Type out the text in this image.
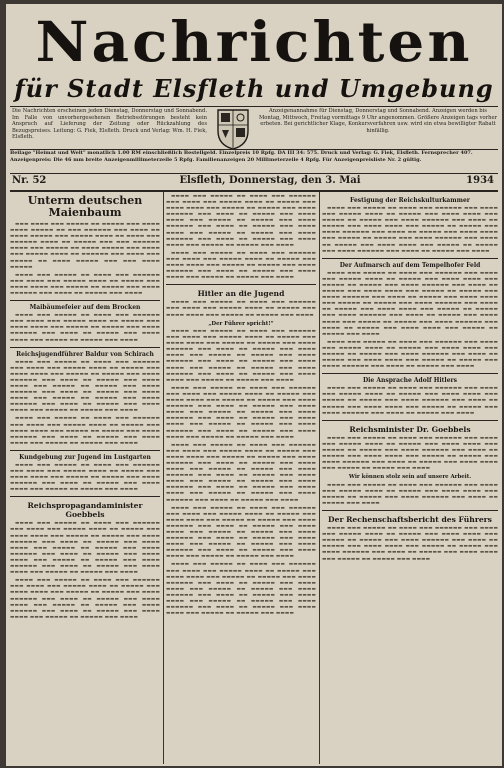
Nachrichten
für Stadt Elsfleth und Umgebung
Die Nachrichten erscheinen jeden Dienstag, Donnerstag und Sonnabend. Im Falle von unvorhergesehenen Betriebsstörungen besteht kein Anspruch auf Lieferung der Zeitung oder Rückzahlung des Bezugspreises. Leitung: G. Fiek, Elsfleth. Druck und Verlag: Wm. H. Fiek, Elsfleth.
Anzeigenannahme für Dienstag, Donnerstag und Sonnabend. Anzeigen werden bis Montag, Mittwoch, Freitag vormittags 9 Uhr angenommen. Größere Anzeigen tags vorher erbeten. Bei gerichtlicher Klage, Konkursverfahren usw. wird ein etwa bewilligter Rabatt hinfällig.
Beilage "Heimat und Welt" monatlich 1.00 RM einschließlich Bestellgeld. Einzelpreis 10 Rpfg. DA III 34: 575. Druck und Verlag: G. Fiek, Elsfleth. Fernsprecher 407. Anzeigenpreis: Die 46 mm breite Anzeigenmillimeterzeile 5 Rpfg. Familienanzeigen 20 Millimeterzeile 4 Rpfg. Für Anzeigenpreisliste Nr. 2 gültig.
Nr. 52	Elsfleth, Donnerstag, den 3. Mai	1934
Unterm deutschen Maienbaum
▬▬▬ ▬▬▬▬ ▬▬▬ ▬▬▬▬▬ ▬▬ ▬▬▬▬▬ ▬▬▬ ▬▬▬▬ ▬▬▬▬ ▬▬▬▬▬ ▬▬ ▬▬▬ ▬▬▬▬▬▬ ▬▬▬ ▬▬▬▬ ▬▬ ▬▬▬▬ ▬▬▬▬▬ ▬▬▬ ▬▬▬▬▬ ▬▬▬▬ ▬▬ ▬▬▬▬ ▬▬▬ ▬▬▬▬▬▬ ▬▬▬▬ ▬▬ ▬▬▬▬▬ ▬▬▬ ▬▬▬ ▬▬▬▬▬▬ ▬▬▬▬ ▬▬▬ ▬▬▬▬▬ ▬▬ ▬▬▬▬ ▬▬▬▬▬ ▬▬▬ ▬▬▬▬ ▬▬▬ ▬▬▬▬▬ ▬▬▬▬ ▬▬ ▬▬▬▬▬▬ ▬▬▬ ▬▬▬▬ ▬▬▬ ▬▬▬▬▬ ▬▬ ▬▬▬▬ ▬▬▬▬▬ ▬▬▬ ▬▬▬ ▬▬▬▬ ▬▬▬▬▬
▬▬▬▬ ▬▬▬ ▬▬▬▬▬ ▬▬ ▬▬▬▬ ▬▬▬ ▬▬▬▬▬▬ ▬▬▬ ▬▬▬▬ ▬▬▬ ▬▬▬▬▬ ▬▬▬▬ ▬▬ ▬▬▬▬▬ ▬▬▬ ▬▬▬▬ ▬▬▬▬ ▬▬▬ ▬▬▬▬▬ ▬▬ ▬▬▬▬▬ ▬▬▬ ▬▬▬▬ ▬▬▬▬▬▬ ▬▬▬ ▬▬▬▬ ▬▬ ▬▬▬▬▬ ▬▬▬ ▬▬▬▬
Maibäumefeier auf dem Brocken
▬▬▬▬ ▬▬▬ ▬▬▬▬▬ ▬▬ ▬▬▬▬ ▬▬▬ ▬▬▬▬▬▬ ▬▬▬ ▬▬▬▬ ▬▬▬ ▬▬▬▬▬ ▬▬▬▬ ▬▬ ▬▬▬▬▬ ▬▬▬ ▬▬▬▬ ▬▬▬▬ ▬▬▬ ▬▬▬▬▬ ▬▬ ▬▬▬▬▬ ▬▬▬ ▬▬▬▬ ▬▬▬▬▬▬ ▬▬▬ ▬▬▬▬ ▬▬ ▬▬▬▬▬ ▬▬▬ ▬▬▬▬ ▬▬▬▬ ▬▬▬ ▬▬▬▬▬ ▬▬ ▬▬▬▬▬ ▬▬▬ ▬▬▬▬
Reichsjugendführer Baldur von Schirach
▬▬▬▬ ▬▬▬ ▬▬▬▬▬ ▬▬ ▬▬▬▬ ▬▬▬ ▬▬▬▬▬▬ ▬▬▬ ▬▬▬▬ ▬▬▬ ▬▬▬▬▬ ▬▬▬▬ ▬▬ ▬▬▬▬▬ ▬▬▬ ▬▬▬▬ ▬▬▬▬ ▬▬▬ ▬▬▬▬▬ ▬▬ ▬▬▬▬▬ ▬▬▬ ▬▬▬▬ ▬▬▬▬▬▬ ▬▬▬ ▬▬▬▬ ▬▬ ▬▬▬▬▬ ▬▬▬ ▬▬▬▬ ▬▬▬▬ ▬▬▬ ▬▬▬▬▬ ▬▬ ▬▬▬▬▬ ▬▬▬ ▬▬▬▬ ▬▬▬▬▬▬ ▬▬▬ ▬▬▬▬ ▬▬ ▬▬▬▬▬ ▬▬▬ ▬▬▬▬ ▬▬▬▬ ▬▬▬ ▬▬▬▬▬ ▬▬ ▬▬▬▬▬ ▬▬▬ ▬▬▬▬ ▬▬▬▬▬▬ ▬▬▬ ▬▬▬▬ ▬▬ ▬▬▬▬▬ ▬▬▬ ▬▬▬▬ ▬▬▬▬ ▬▬▬ ▬▬▬▬▬ ▬▬ ▬▬▬▬▬ ▬▬▬ ▬▬▬▬
▬▬▬▬ ▬▬▬ ▬▬▬▬▬ ▬▬ ▬▬▬▬ ▬▬▬ ▬▬▬▬▬▬ ▬▬▬ ▬▬▬▬ ▬▬▬ ▬▬▬▬▬ ▬▬▬▬ ▬▬ ▬▬▬▬▬ ▬▬▬ ▬▬▬▬ ▬▬▬▬ ▬▬▬ ▬▬▬▬▬ ▬▬ ▬▬▬▬▬ ▬▬▬ ▬▬▬▬ ▬▬▬▬▬▬ ▬▬▬ ▬▬▬▬ ▬▬ ▬▬▬▬▬ ▬▬▬ ▬▬▬▬ ▬▬▬▬ ▬▬▬ ▬▬▬▬▬ ▬▬ ▬▬▬▬▬ ▬▬▬ ▬▬▬▬
Kundgebung zur Jugend im Lustgarten
▬▬▬▬ ▬▬▬ ▬▬▬▬▬ ▬▬ ▬▬▬▬ ▬▬▬ ▬▬▬▬▬▬ ▬▬▬ ▬▬▬▬ ▬▬▬ ▬▬▬▬▬ ▬▬▬▬ ▬▬ ▬▬▬▬▬ ▬▬▬ ▬▬▬▬ ▬▬▬▬ ▬▬▬ ▬▬▬▬▬ ▬▬ ▬▬▬▬▬ ▬▬▬ ▬▬▬▬ ▬▬▬▬▬▬ ▬▬▬ ▬▬▬▬ ▬▬ ▬▬▬▬▬ ▬▬▬ ▬▬▬▬ ▬▬▬▬ ▬▬▬ ▬▬▬▬▬ ▬▬ ▬▬▬▬▬ ▬▬▬ ▬▬▬▬
Reichspropagandaminister Goebbels
▬▬▬▬ ▬▬▬ ▬▬▬▬▬ ▬▬ ▬▬▬▬ ▬▬▬ ▬▬▬▬▬▬ ▬▬▬ ▬▬▬▬ ▬▬▬ ▬▬▬▬▬ ▬▬▬▬ ▬▬ ▬▬▬▬▬ ▬▬▬ ▬▬▬▬ ▬▬▬▬ ▬▬▬ ▬▬▬▬▬ ▬▬ ▬▬▬▬▬ ▬▬▬ ▬▬▬▬ ▬▬▬▬▬▬ ▬▬▬ ▬▬▬▬ ▬▬ ▬▬▬▬▬ ▬▬▬ ▬▬▬▬ ▬▬▬▬ ▬▬▬ ▬▬▬▬▬ ▬▬ ▬▬▬▬▬ ▬▬▬ ▬▬▬▬ ▬▬▬▬▬▬ ▬▬▬ ▬▬▬▬ ▬▬ ▬▬▬▬▬ ▬▬▬ ▬▬▬▬ ▬▬▬▬ ▬▬▬ ▬▬▬▬▬ ▬▬ ▬▬▬▬▬ ▬▬▬ ▬▬▬▬ ▬▬▬▬▬▬ ▬▬▬ ▬▬▬▬ ▬▬ ▬▬▬▬▬ ▬▬▬ ▬▬▬▬ ▬▬▬▬ ▬▬▬ ▬▬▬▬▬ ▬▬ ▬▬▬▬▬ ▬▬▬ ▬▬▬▬
▬▬▬▬ ▬▬▬ ▬▬▬▬▬ ▬▬ ▬▬▬▬ ▬▬▬ ▬▬▬▬▬▬ ▬▬▬ ▬▬▬▬ ▬▬▬ ▬▬▬▬▬ ▬▬▬▬ ▬▬ ▬▬▬▬▬ ▬▬▬ ▬▬▬▬ ▬▬▬▬ ▬▬▬ ▬▬▬▬▬ ▬▬ ▬▬▬▬▬ ▬▬▬ ▬▬▬▬ ▬▬▬▬▬▬ ▬▬▬ ▬▬▬▬ ▬▬ ▬▬▬▬▬ ▬▬▬ ▬▬▬▬ ▬▬▬▬ ▬▬▬ ▬▬▬▬▬ ▬▬ ▬▬▬▬▬ ▬▬▬ ▬▬▬▬ ▬▬▬▬▬▬ ▬▬▬ ▬▬▬▬ ▬▬ ▬▬▬▬▬ ▬▬▬ ▬▬▬▬ ▬▬▬▬ ▬▬▬ ▬▬▬▬▬ ▬▬ ▬▬▬▬▬ ▬▬▬ ▬▬▬▬
▬▬▬▬ ▬▬▬ ▬▬▬▬▬ ▬▬ ▬▬▬▬ ▬▬▬ ▬▬▬▬▬▬ ▬▬▬ ▬▬▬▬ ▬▬▬ ▬▬▬▬▬ ▬▬▬▬ ▬▬ ▬▬▬▬▬ ▬▬▬ ▬▬▬▬ ▬▬▬▬ ▬▬▬ ▬▬▬▬▬ ▬▬ ▬▬▬▬▬ ▬▬▬ ▬▬▬▬ ▬▬▬▬▬▬ ▬▬▬ ▬▬▬▬ ▬▬ ▬▬▬▬▬ ▬▬▬ ▬▬▬▬ ▬▬▬▬ ▬▬▬ ▬▬▬▬▬ ▬▬ ▬▬▬▬▬ ▬▬▬ ▬▬▬▬ ▬▬▬▬▬▬ ▬▬▬ ▬▬▬▬ ▬▬ ▬▬▬▬▬ ▬▬▬ ▬▬▬▬ ▬▬▬▬ ▬▬▬ ▬▬▬▬▬ ▬▬ ▬▬▬▬▬ ▬▬▬ ▬▬▬▬ ▬▬▬▬▬▬ ▬▬▬ ▬▬▬▬ ▬▬ ▬▬▬▬▬ ▬▬▬ ▬▬▬▬ ▬▬▬▬ ▬▬▬ ▬▬▬▬▬ ▬▬ ▬▬▬▬▬ ▬▬▬ ▬▬▬▬
▬▬▬▬ ▬▬▬ ▬▬▬▬▬ ▬▬ ▬▬▬▬ ▬▬▬ ▬▬▬▬▬▬ ▬▬▬ ▬▬▬▬ ▬▬▬ ▬▬▬▬▬ ▬▬▬▬ ▬▬ ▬▬▬▬▬ ▬▬▬ ▬▬▬▬ ▬▬▬▬ ▬▬▬ ▬▬▬▬▬ ▬▬ ▬▬▬▬▬ ▬▬▬ ▬▬▬▬ ▬▬▬▬▬▬ ▬▬▬ ▬▬▬▬ ▬▬ ▬▬▬▬▬ ▬▬▬ ▬▬▬▬ ▬▬▬▬ ▬▬▬ ▬▬▬▬▬ ▬▬ ▬▬▬▬▬ ▬▬▬ ▬▬▬▬
Hitler an die Jugend
▬▬▬▬ ▬▬▬ ▬▬▬▬▬ ▬▬ ▬▬▬▬ ▬▬▬ ▬▬▬▬▬▬ ▬▬▬ ▬▬▬▬ ▬▬▬ ▬▬▬▬▬ ▬▬▬▬ ▬▬ ▬▬▬▬▬ ▬▬▬ ▬▬▬▬ ▬▬▬▬ ▬▬▬ ▬▬▬▬▬ ▬▬ ▬▬▬▬▬ ▬▬▬ ▬▬▬▬
„Der Führer spricht!“
▬▬▬▬ ▬▬▬ ▬▬▬▬▬ ▬▬ ▬▬▬▬ ▬▬▬ ▬▬▬▬▬▬ ▬▬▬ ▬▬▬▬ ▬▬▬ ▬▬▬▬▬ ▬▬▬▬ ▬▬ ▬▬▬▬▬ ▬▬▬ ▬▬▬▬ ▬▬▬▬ ▬▬▬ ▬▬▬▬▬ ▬▬ ▬▬▬▬▬ ▬▬▬ ▬▬▬▬ ▬▬▬▬▬▬ ▬▬▬ ▬▬▬▬ ▬▬ ▬▬▬▬▬ ▬▬▬ ▬▬▬▬ ▬▬▬▬ ▬▬▬ ▬▬▬▬▬ ▬▬ ▬▬▬▬▬ ▬▬▬ ▬▬▬▬ ▬▬▬▬▬▬ ▬▬▬ ▬▬▬▬ ▬▬ ▬▬▬▬▬ ▬▬▬ ▬▬▬▬ ▬▬▬▬ ▬▬▬ ▬▬▬▬▬ ▬▬ ▬▬▬▬▬ ▬▬▬ ▬▬▬▬ ▬▬▬▬▬▬ ▬▬▬ ▬▬▬▬ ▬▬ ▬▬▬▬▬ ▬▬▬ ▬▬▬▬ ▬▬▬▬ ▬▬▬ ▬▬▬▬▬ ▬▬ ▬▬▬▬▬ ▬▬▬ ▬▬▬▬
▬▬▬▬ ▬▬▬ ▬▬▬▬▬ ▬▬ ▬▬▬▬ ▬▬▬ ▬▬▬▬▬▬ ▬▬▬ ▬▬▬▬ ▬▬▬ ▬▬▬▬▬ ▬▬▬▬ ▬▬ ▬▬▬▬▬ ▬▬▬ ▬▬▬▬ ▬▬▬▬ ▬▬▬ ▬▬▬▬▬ ▬▬ ▬▬▬▬▬ ▬▬▬ ▬▬▬▬ ▬▬▬▬▬▬ ▬▬▬ ▬▬▬▬ ▬▬ ▬▬▬▬▬ ▬▬▬ ▬▬▬▬ ▬▬▬▬ ▬▬▬ ▬▬▬▬▬ ▬▬ ▬▬▬▬▬ ▬▬▬ ▬▬▬▬ ▬▬▬▬▬▬ ▬▬▬ ▬▬▬▬ ▬▬ ▬▬▬▬▬ ▬▬▬ ▬▬▬▬ ▬▬▬▬ ▬▬▬ ▬▬▬▬▬ ▬▬ ▬▬▬▬▬ ▬▬▬ ▬▬▬▬ ▬▬▬▬▬▬ ▬▬▬ ▬▬▬▬ ▬▬ ▬▬▬▬▬ ▬▬▬ ▬▬▬▬ ▬▬▬▬ ▬▬▬ ▬▬▬▬▬ ▬▬ ▬▬▬▬▬ ▬▬▬ ▬▬▬▬
▬▬▬▬ ▬▬▬ ▬▬▬▬▬ ▬▬ ▬▬▬▬ ▬▬▬ ▬▬▬▬▬▬ ▬▬▬ ▬▬▬▬ ▬▬▬ ▬▬▬▬▬ ▬▬▬▬ ▬▬ ▬▬▬▬▬ ▬▬▬ ▬▬▬▬ ▬▬▬▬ ▬▬▬ ▬▬▬▬▬ ▬▬ ▬▬▬▬▬ ▬▬▬ ▬▬▬▬ ▬▬▬▬▬▬ ▬▬▬ ▬▬▬▬ ▬▬ ▬▬▬▬▬ ▬▬▬ ▬▬▬▬ ▬▬▬▬ ▬▬▬ ▬▬▬▬▬ ▬▬ ▬▬▬▬▬ ▬▬▬ ▬▬▬▬ ▬▬▬▬▬▬ ▬▬▬ ▬▬▬▬ ▬▬ ▬▬▬▬▬ ▬▬▬ ▬▬▬▬ ▬▬▬▬ ▬▬▬ ▬▬▬▬▬ ▬▬ ▬▬▬▬▬ ▬▬▬ ▬▬▬▬ ▬▬▬▬▬▬ ▬▬▬ ▬▬▬▬ ▬▬ ▬▬▬▬▬ ▬▬▬ ▬▬▬▬ ▬▬▬▬ ▬▬▬ ▬▬▬▬▬ ▬▬ ▬▬▬▬▬ ▬▬▬ ▬▬▬▬ ▬▬▬▬▬▬ ▬▬▬ ▬▬▬▬ ▬▬ ▬▬▬▬▬ ▬▬▬ ▬▬▬▬
▬▬▬▬ ▬▬▬ ▬▬▬▬▬ ▬▬ ▬▬▬▬ ▬▬▬ ▬▬▬▬▬▬ ▬▬▬ ▬▬▬▬ ▬▬▬ ▬▬▬▬▬ ▬▬▬▬ ▬▬ ▬▬▬▬▬ ▬▬▬ ▬▬▬▬ ▬▬▬▬ ▬▬▬ ▬▬▬▬▬ ▬▬ ▬▬▬▬▬ ▬▬▬ ▬▬▬▬ ▬▬▬▬▬▬ ▬▬▬ ▬▬▬▬ ▬▬ ▬▬▬▬▬ ▬▬▬ ▬▬▬▬ ▬▬▬▬ ▬▬▬ ▬▬▬▬▬ ▬▬ ▬▬▬▬▬ ▬▬▬ ▬▬▬▬ ▬▬▬▬▬▬ ▬▬▬ ▬▬▬▬ ▬▬ ▬▬▬▬▬ ▬▬▬ ▬▬▬▬ ▬▬▬▬ ▬▬▬ ▬▬▬▬▬ ▬▬ ▬▬▬▬▬ ▬▬▬ ▬▬▬▬ ▬▬▬▬▬▬ ▬▬▬ ▬▬▬▬ ▬▬ ▬▬▬▬▬ ▬▬▬ ▬▬▬▬ ▬▬▬▬ ▬▬▬ ▬▬▬▬▬ ▬▬ ▬▬▬▬▬ ▬▬▬ ▬▬▬▬
▬▬▬▬ ▬▬▬ ▬▬▬▬▬ ▬▬ ▬▬▬▬ ▬▬▬ ▬▬▬▬▬▬ ▬▬▬ ▬▬▬▬ ▬▬▬ ▬▬▬▬▬ ▬▬▬▬ ▬▬ ▬▬▬▬▬ ▬▬▬ ▬▬▬▬ ▬▬▬▬ ▬▬▬ ▬▬▬▬▬ ▬▬ ▬▬▬▬▬ ▬▬▬ ▬▬▬▬ ▬▬▬▬▬▬ ▬▬▬ ▬▬▬▬ ▬▬ ▬▬▬▬▬ ▬▬▬ ▬▬▬▬ ▬▬▬▬ ▬▬▬ ▬▬▬▬▬ ▬▬ ▬▬▬▬▬ ▬▬▬ ▬▬▬▬ ▬▬▬▬▬▬ ▬▬▬ ▬▬▬▬ ▬▬ ▬▬▬▬▬ ▬▬▬ ▬▬▬▬ ▬▬▬▬ ▬▬▬ ▬▬▬▬▬ ▬▬ ▬▬▬▬▬ ▬▬▬ ▬▬▬▬ ▬▬▬▬▬▬ ▬▬▬ ▬▬▬▬ ▬▬ ▬▬▬▬▬ ▬▬▬ ▬▬▬▬ ▬▬▬▬ ▬▬▬ ▬▬▬▬▬ ▬▬ ▬▬▬▬▬ ▬▬▬ ▬▬▬▬
Festigung der Reichskulturkammer
▬▬▬▬ ▬▬▬ ▬▬▬▬▬ ▬▬ ▬▬▬▬ ▬▬▬ ▬▬▬▬▬▬ ▬▬▬ ▬▬▬▬ ▬▬▬ ▬▬▬▬▬ ▬▬▬▬ ▬▬ ▬▬▬▬▬ ▬▬▬ ▬▬▬▬ ▬▬▬▬ ▬▬▬ ▬▬▬▬▬ ▬▬ ▬▬▬▬▬ ▬▬▬ ▬▬▬▬ ▬▬▬▬▬▬ ▬▬▬ ▬▬▬▬ ▬▬ ▬▬▬▬▬ ▬▬▬ ▬▬▬▬ ▬▬▬▬ ▬▬▬ ▬▬▬▬▬ ▬▬ ▬▬▬▬▬ ▬▬▬ ▬▬▬▬ ▬▬▬▬▬▬ ▬▬▬ ▬▬▬▬ ▬▬ ▬▬▬▬▬ ▬▬▬ ▬▬▬▬ ▬▬▬▬ ▬▬▬ ▬▬▬▬▬ ▬▬ ▬▬▬▬▬ ▬▬▬ ▬▬▬▬ ▬▬▬▬▬▬ ▬▬▬ ▬▬▬▬ ▬▬ ▬▬▬▬▬ ▬▬▬ ▬▬▬▬ ▬▬▬▬ ▬▬▬ ▬▬▬▬▬ ▬▬ ▬▬▬▬▬ ▬▬▬ ▬▬▬▬ ▬▬▬▬▬▬ ▬▬▬ ▬▬▬▬ ▬▬ ▬▬▬▬▬ ▬▬▬ ▬▬▬▬
Der Aufmarsch auf dem Tempelhofer Feld
▬▬▬▬ ▬▬▬ ▬▬▬▬▬ ▬▬ ▬▬▬▬ ▬▬▬ ▬▬▬▬▬▬ ▬▬▬ ▬▬▬▬ ▬▬▬ ▬▬▬▬▬ ▬▬▬▬ ▬▬ ▬▬▬▬▬ ▬▬▬ ▬▬▬▬ ▬▬▬▬ ▬▬▬ ▬▬▬▬▬ ▬▬ ▬▬▬▬▬ ▬▬▬ ▬▬▬▬ ▬▬▬▬▬▬ ▬▬▬ ▬▬▬▬ ▬▬ ▬▬▬▬▬ ▬▬▬ ▬▬▬▬ ▬▬▬▬ ▬▬▬ ▬▬▬▬▬ ▬▬ ▬▬▬▬▬ ▬▬▬ ▬▬▬▬ ▬▬▬▬▬▬ ▬▬▬ ▬▬▬▬ ▬▬ ▬▬▬▬▬ ▬▬▬ ▬▬▬▬ ▬▬▬▬ ▬▬▬ ▬▬▬▬▬ ▬▬ ▬▬▬▬▬ ▬▬▬ ▬▬▬▬ ▬▬▬▬▬▬ ▬▬▬ ▬▬▬▬ ▬▬ ▬▬▬▬▬ ▬▬▬ ▬▬▬▬ ▬▬▬▬ ▬▬▬ ▬▬▬▬▬ ▬▬ ▬▬▬▬▬ ▬▬▬ ▬▬▬▬ ▬▬▬▬▬▬ ▬▬▬ ▬▬▬▬ ▬▬ ▬▬▬▬▬ ▬▬▬ ▬▬▬▬ ▬▬▬▬ ▬▬▬ ▬▬▬▬▬ ▬▬ ▬▬▬▬▬ ▬▬▬ ▬▬▬▬ ▬▬▬▬▬▬ ▬▬▬ ▬▬▬▬ ▬▬ ▬▬▬▬▬ ▬▬▬ ▬▬▬▬ ▬▬▬▬ ▬▬▬ ▬▬▬▬▬ ▬▬ ▬▬▬▬▬ ▬▬▬ ▬▬▬▬
▬▬▬▬ ▬▬▬ ▬▬▬▬▬ ▬▬ ▬▬▬▬ ▬▬▬ ▬▬▬▬▬▬ ▬▬▬ ▬▬▬▬ ▬▬▬ ▬▬▬▬▬ ▬▬▬▬ ▬▬ ▬▬▬▬▬ ▬▬▬ ▬▬▬▬ ▬▬▬▬ ▬▬▬ ▬▬▬▬▬ ▬▬ ▬▬▬▬▬ ▬▬▬ ▬▬▬▬ ▬▬▬▬▬▬ ▬▬▬ ▬▬▬▬ ▬▬ ▬▬▬▬▬ ▬▬▬ ▬▬▬▬ ▬▬▬▬ ▬▬▬ ▬▬▬▬▬ ▬▬ ▬▬▬▬▬ ▬▬▬ ▬▬▬▬ ▬▬▬▬▬▬ ▬▬▬ ▬▬▬▬ ▬▬ ▬▬▬▬▬ ▬▬▬ ▬▬▬▬
Die Ansprache Adolf Hitlers
▬▬▬▬ ▬▬▬ ▬▬▬▬▬ ▬▬ ▬▬▬▬ ▬▬▬ ▬▬▬▬▬▬ ▬▬▬ ▬▬▬▬ ▬▬▬ ▬▬▬▬▬ ▬▬▬▬ ▬▬ ▬▬▬▬▬ ▬▬▬ ▬▬▬▬ ▬▬▬▬ ▬▬▬ ▬▬▬▬▬ ▬▬ ▬▬▬▬▬ ▬▬▬ ▬▬▬▬ ▬▬▬▬▬▬ ▬▬▬ ▬▬▬▬ ▬▬ ▬▬▬▬▬ ▬▬▬ ▬▬▬▬ ▬▬▬▬ ▬▬▬ ▬▬▬▬▬ ▬▬ ▬▬▬▬▬ ▬▬▬ ▬▬▬▬ ▬▬▬▬▬▬ ▬▬▬ ▬▬▬▬ ▬▬ ▬▬▬▬▬ ▬▬▬ ▬▬▬▬
Reichsminister Dr. Goebbels
▬▬▬▬ ▬▬▬ ▬▬▬▬▬ ▬▬ ▬▬▬▬ ▬▬▬ ▬▬▬▬▬▬ ▬▬▬ ▬▬▬▬ ▬▬▬ ▬▬▬▬▬ ▬▬▬▬ ▬▬ ▬▬▬▬▬ ▬▬▬ ▬▬▬▬ ▬▬▬▬ ▬▬▬ ▬▬▬▬▬ ▬▬ ▬▬▬▬▬ ▬▬▬ ▬▬▬▬ ▬▬▬▬▬▬ ▬▬▬ ▬▬▬▬ ▬▬ ▬▬▬▬▬ ▬▬▬ ▬▬▬▬ ▬▬▬▬ ▬▬▬ ▬▬▬▬▬ ▬▬ ▬▬▬▬▬ ▬▬▬ ▬▬▬▬ ▬▬▬▬▬▬ ▬▬▬ ▬▬▬▬ ▬▬ ▬▬▬▬▬ ▬▬▬ ▬▬▬▬ ▬▬▬▬ ▬▬▬ ▬▬▬▬▬ ▬▬ ▬▬▬▬▬ ▬▬▬ ▬▬▬▬
Wir können stolz sein auf unsere Arbeit.
▬▬▬▬ ▬▬▬ ▬▬▬▬▬ ▬▬ ▬▬▬▬ ▬▬▬ ▬▬▬▬▬▬ ▬▬▬ ▬▬▬▬ ▬▬▬ ▬▬▬▬▬ ▬▬▬▬ ▬▬ ▬▬▬▬▬ ▬▬▬ ▬▬▬▬ ▬▬▬▬ ▬▬▬ ▬▬▬▬▬ ▬▬ ▬▬▬▬▬ ▬▬▬ ▬▬▬▬ ▬▬▬▬▬▬ ▬▬▬ ▬▬▬▬ ▬▬ ▬▬▬▬▬ ▬▬▬ ▬▬▬▬
Der Rechenschaftsbericht des Führers
▬▬▬▬ ▬▬▬ ▬▬▬▬▬ ▬▬ ▬▬▬▬ ▬▬▬ ▬▬▬▬▬▬ ▬▬▬ ▬▬▬▬ ▬▬▬ ▬▬▬▬▬ ▬▬▬▬ ▬▬ ▬▬▬▬▬ ▬▬▬ ▬▬▬▬ ▬▬▬▬ ▬▬▬ ▬▬▬▬▬ ▬▬ ▬▬▬▬▬ ▬▬▬ ▬▬▬▬ ▬▬▬▬▬▬ ▬▬▬ ▬▬▬▬ ▬▬ ▬▬▬▬▬ ▬▬▬ ▬▬▬▬ ▬▬▬▬ ▬▬▬ ▬▬▬▬▬ ▬▬ ▬▬▬▬▬ ▬▬▬ ▬▬▬▬ ▬▬▬▬▬▬ ▬▬▬ ▬▬▬▬ ▬▬ ▬▬▬▬▬ ▬▬▬ ▬▬▬▬ ▬▬▬▬ ▬▬▬ ▬▬▬▬▬ ▬▬ ▬▬▬▬▬ ▬▬▬ ▬▬▬▬
